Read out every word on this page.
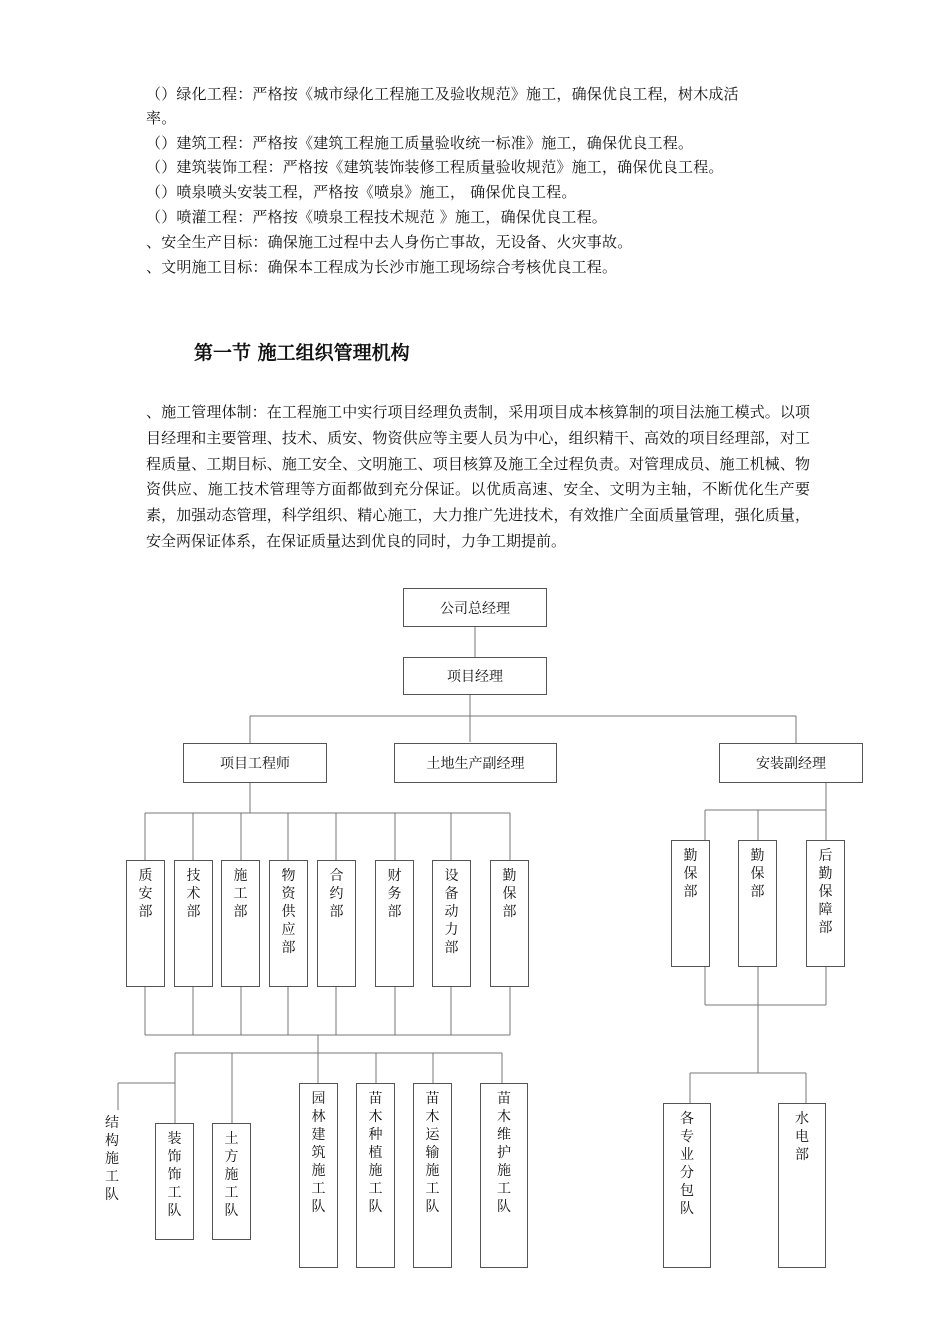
（）绿化工程：严格按《城市绿化工程施工及验收规范》施工，确保优良工程，树木成活
率。
（）建筑工程：严格按《建筑工程施工质量验收统一标准》施工，确保优良工程。
（）建筑装饰工程：严格按《建筑装饰装修工程质量验收规范》施工，确保优良工程。
（）喷泉喷头安装工程，严格按《喷泉》施工， 确保优良工程。
（）喷灌工程：严格按《喷泉工程技术规范 》施工，确保优良工程。
、安全生产目标：确保施工过程中去人身伤亡事故，无设备、火灾事故。
、文明施工目标：确保本工程成为长沙市施工现场综合考核优良工程。
第一节 施工组织管理机构
、施工管理体制：在工程施工中实行项目经理负责制，采用项目成本核算制的项目法施工模式。以项目经理和主要管理、技术、质安、物资供应等主要人员为中心，组织精干、高效的项目经理部，对工程质量、工期目标、施工安全、文明施工、项目核算及施工全过程负责。对管理成员、施工机械、物资供应、施工技术管理等方面都做到充分保证。以优质高速、安全、文明为主轴，不断优化生产要素，加强动态管理，科学组织、精心施工，大力推广先进技术，有效推广全面质量管理，强化质量，安全两保证体系，在保证质量达到优良的同时，力争工期提前。
公司总经理
项目经理
项目工程师	土地生产副经理	安装副经理
质安部
技术部
施工部
物资供应部
合约部
财务部
设备动力部
勤保部
勤保部
勤保部
后勤保障部
结构施工队
装饰饰工队
土方施工队
园林建筑施工队
苗木种植施工队
苗木运输施工队
苗木维护施工队
各专业分包队
水电部
